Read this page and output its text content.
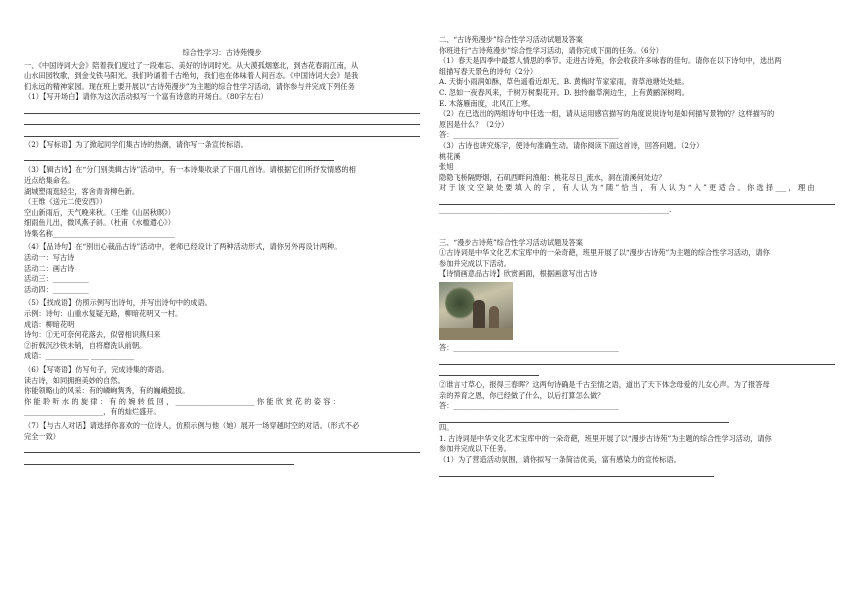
综合性学习：古诗苑慢步

一、《中国诗词大会》陪着我们度过了一段难忘、美好的诗词时光。从大漠孤烟塞北，到杏花春雨江南，从

山水田园牧歌，到金戈铁马阳光。我们吟诵着千古绝句，我们也在体味着人间百态。《中国诗词大会》是我

们永远的精神家园。现在班上要开展以“古诗苑漫步”为主题的综合性学习活动，请你参与并完成下列任务

（1）【写开场白】请你为这次活动拟写一个富有诗意的开场白。（80字左右）

（2）【写标语】为了掀起同学们集古诗的热潮，请你写一条宣传标语。

（3）【辑古诗】在“分门别类辑古诗”活动中，有一本诗集收录了下面几首诗。请根据它们所抒发情感的相

近点给集命名。

湖城塑雨逛轻尘，客舍青青柳色新。

（王维《送元二使安西》）

空山新雨后，天气晚来秋。（王维《山居秋暝》）

细雨鱼儿出，微风燕子斜。（杜甫《水槛遣心》）

诗集名称__________________________________

（4）【品诗句】在“别出心裁品古诗”活动中，老师已经设计了两种活动形式，请你另外再设计两种。

活动一：写古诗

活动二：画古诗

活动三：__________

活动四：__________

（5）【找成语】仿照示例写出诗句，并写出诗句中的成语。

示例：诗句：山重水复疑无路，柳暗花明又一村。

成语：柳暗花明

诗句：①无可奈何花落去，似曾相识燕归来

②折戟沉沙铁未销，自将磨洗认前朝。

成语：____________ ____________

（6）【写寄语】仿写句子，完成诗集的寄语。

读古诗，如同拥抱美妙的自然。

你能领略山的风采：有的嶙峋隽秀，有的巍峨挺拔。

你 能 聆 听 水 的 旋 律 ： 有 的 婉 转 低 回 ， ______________________ 你 能 欣 赏 花 的 姿 容 ：

______________________，有的灿烂盛开。

（7）【与古人对话】请选择你喜欢的一位诗人，仿照示例与他（她）展开一场穿越时空的对话。（形式不必

完全一致）

二、“古诗苑漫步”综合性学习活动试题及答案

你班进行“古诗苑漫步”综合性学习活动，请你完成下面的任务。（6分）

（1）春天是四季中最惹人情思的季节。走进古诗苑，你会收获许多咏春的佳句。请你在以下诗句中，选出两

组描写春天景色的诗句（2分）

A. 天街小雨润如酥，草色遥看近却无。B. 黄梅时节家家雨，青草池塘处处蛙。

C. 忽如一夜春风来，千树万树梨花开。D. 独怜幽草涧边生，上有黄鹂深树鸣。

E. 木落雁南度，北风江上寒。

（2）在已选出的两组诗句中任选一组，请从运用感官描写的角度说说诗句是如何描写景物的？这样描写的

原因是什么？（2分）

答：______________________________________________

（3）古诗也讲究炼字，使诗句准确生动。请你阅读下面这首诗，回答问题。（2分）

桃花溪

张旭

隐隐飞桥隔野烟，石矶西畔问渔船：桃花尽日_流水，洞在清溪何处边？

对 于 该 文 空 缺 处 要 填 入 的 字 ， 有 人 认 为 “ 随 ” 恰 当 ， 有 人 认 为 “ 入 ” 更 适 合 。 你 选 择 ___ ， 理 由

________________________________________________________________.

三、“漫步古诗苑”综合性学习活动试题及答案

①古诗词是中华文化艺术宝库中的一朵奇葩，班里开展了以“漫步古诗苑”为主题的综合性学习活动，请你

参加并完成以下活动。

【诗情画意品古诗】欣赏画面，根据画意写出古诗

答：______________________________________________

②谁言寸草心，报得三春晖？这两句诗确是千古至情之语，道出了天下体念母爱的儿女心声。为了报答母

亲的养育之恩，你已经做了什么，以后打算怎么做？

答：______________________________________________

四。

1. 古诗词是中华文化艺术宝库中的一朵奇葩，班里开展了以“漫步古诗苑”为主题的综合性学习活动，请你

参加并完成以下任务。

（1）为了营造活动氛围，请你拟写一条简洁优美，富有感染力的宣传标语。
